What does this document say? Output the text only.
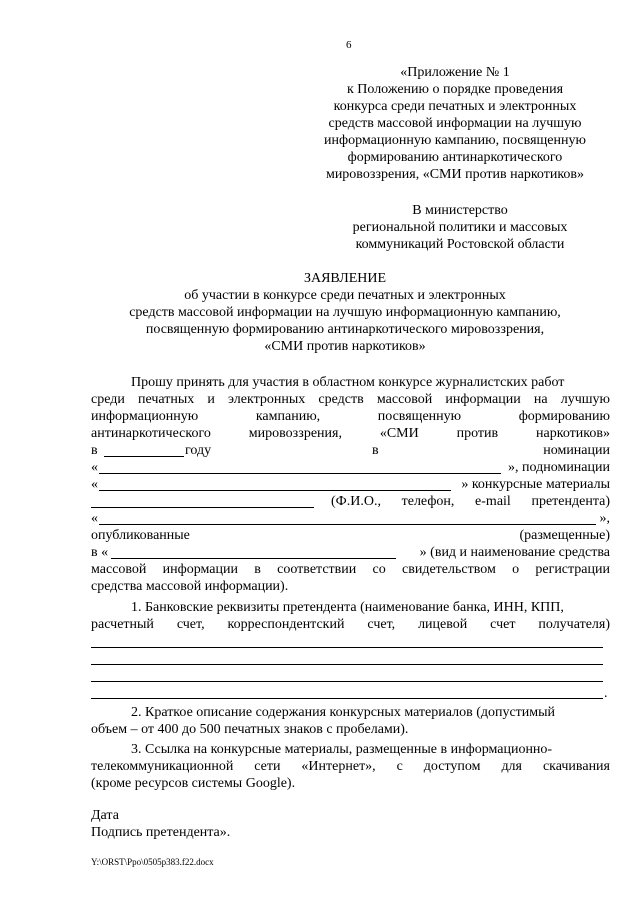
6
«Приложение № 1
к Положению о порядке проведения
конкурса среди печатных и электронных
средств массовой информации на лучшую
информационную кампанию, посвященную
формированию антинаркотического
мировоззрения, «СМИ против наркотиков»
В министерство
региональной политики и массовых
коммуникаций Ростовской области
ЗАЯВЛЕНИЕ
об участии в конкурсе среди печатных и электронных
средств массовой информации на лучшую информационную кампанию,
посвященную формированию антинаркотического мировоззрения,
«СМИ против наркотиков»
Прошу принять для участия в областном конкурсе журналистских работ
среди печатных и электронных средств массовой информации на лучшую
информационную	кампанию,	посвященную	формированию
антинаркотического	мировоззрения,	«СМИ	против	наркотиков»
в	году	в	номинации
«	», подноминации
«	» конкурсные материалы
(Ф.И.О., телефон, e-mail претендента)
«	»,
опубликованные	(размещенные)
в «	» (вид и наименование средства
массовой информации в соответствии со свидетельством о регистрации
средства массовой информации).
1. Банковские реквизиты претендента (наименование банка, ИНН, КПП,
расчетный счет, корреспондентский счет, лицевой счет получателя)
.
2. Краткое описание содержания конкурсных материалов (допустимый
объем – от 400 до 500 печатных знаков с пробелами).
3. Ссылка на конкурсные материалы, размещенные в информационно-
телекоммуникационной сети «Интернет», с доступом для скачивания
(кроме ресурсов системы Google).
Дата
Подпись претендента».
Y:\ORST\Ppo\0505p383.f22.docx
